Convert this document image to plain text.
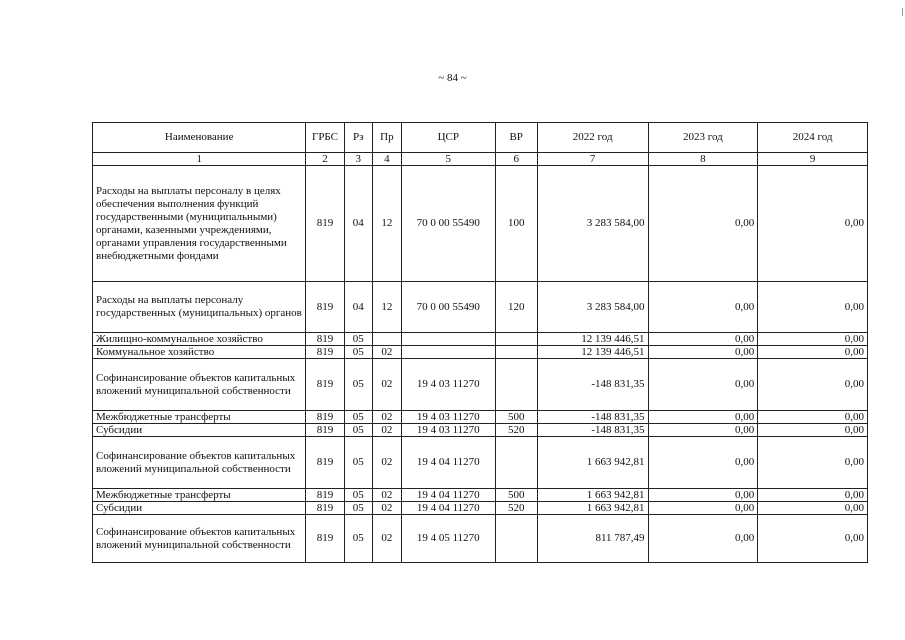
~ 84 ~
Наименование	ГРБС	Рз	Пр	ЦСР	ВР	2022 год	2023 год	2024 год
1	2	3	4	5	6	7	8	9
Расходы на выплаты персоналу в целях обеспечения выполнения функций государственными (муниципальными) органами, казенными учреждениями, органами управления государственными внебюджетными фондами	819	04	12	70 0 00 55490	100	3 283 584,00	0,00	0,00
Расходы на выплаты персоналу государственных (муниципальных) органов	819	04	12	70 0 00 55490	120	3 283 584,00	0,00	0,00
Жилищно-коммунальное хозяйство	819	05				12 139 446,51	0,00	0,00
Коммунальное хозяйство	819	05	02			12 139 446,51	0,00	0,00
Софинансирование объектов капитальных вложений муниципальной собственности	819	05	02	19 4 03 11270		-148 831,35	0,00	0,00
Межбюджетные трансферты	819	05	02	19 4 03 11270	500	-148 831,35	0,00	0,00
Субсидии	819	05	02	19 4 03 11270	520	-148 831,35	0,00	0,00
Софинансирование объектов капитальных вложений муниципальной собственности	819	05	02	19 4 04 11270		1 663 942,81	0,00	0,00
Межбюджетные трансферты	819	05	02	19 4 04 11270	500	1 663 942,81	0,00	0,00
Субсидии	819	05	02	19 4 04 11270	520	1 663 942,81	0,00	0,00
Софинансирование объектов капитальных вложений муниципальной собственности	819	05	02	19 4 05 11270		811 787,49	0,00	0,00
